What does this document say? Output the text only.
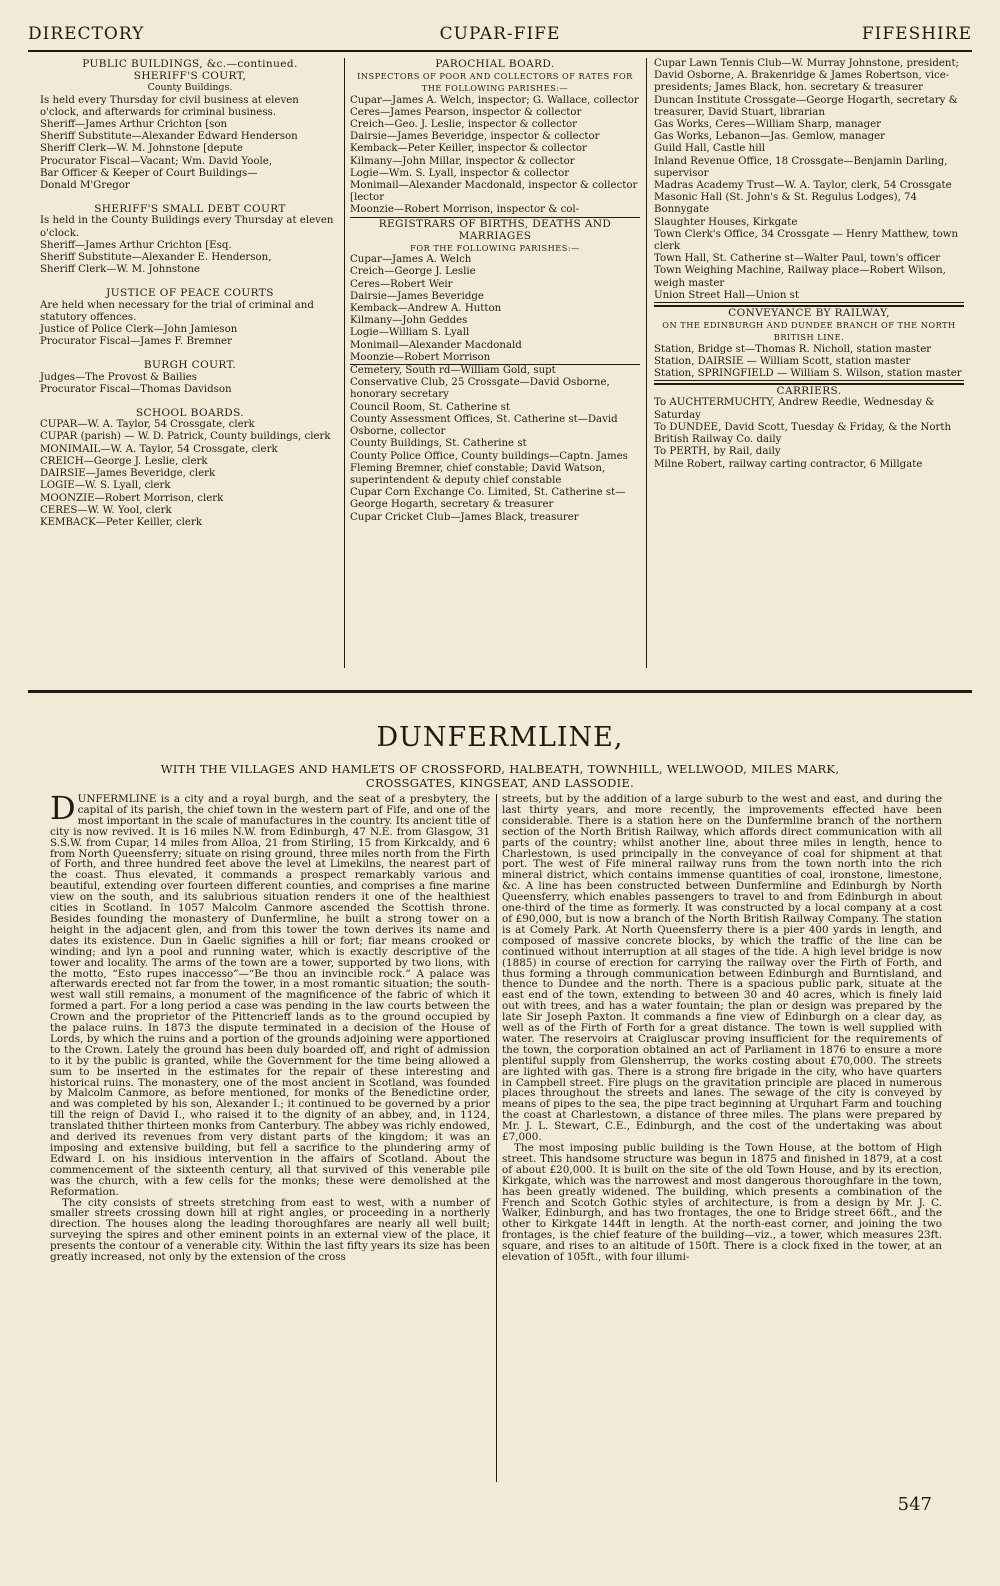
DIRECTORY	CUPAR-FIFE	FIFESHIRE

PUBLIC BUILDINGS, &c.—continued.

SHERIFF'S COURT,

County Buildings.

Is held every Thursday for civil business at eleven o'clock, and afterwards for criminal business.

Sheriff—James Arthur Crichton [son

Sheriff Substitute—Alexander Edward Henderson

Sheriff Clerk—W. M. Johnstone [depute

Procurator Fiscal—Vacant; Wm. David Yoole,

Bar Officer & Keeper of Court Buildings—

Donald M'Gregor

SHERIFF'S SMALL DEBT COURT

Is held in the County Buildings every Thursday at eleven o'clock.

Sheriff—James Arthur Crichton [Esq.

Sheriff Substitute—Alexander E. Henderson,

Sheriff Clerk—W. M. Johnstone

JUSTICE OF PEACE COURTS

Are held when necessary for the trial of criminal and statutory offences.

Justice of Police Clerk—John Jamieson

Procurator Fiscal—James F. Bremner

BURGH COURT.

Judges—The Provost & Bailies

Procurator Fiscal—Thomas Davidson

SCHOOL BOARDS.

CUPAR—W. A. Taylor, 54 Crossgate, clerk

CUPAR (parish) — W. D. Patrick, County buildings, clerk

MONIMAIL—W. A. Taylor, 54 Crossgate, clerk

CREICH—George J. Leslie, clerk

DAIRSIE—James Beveridge, clerk

LOGIE—W. S. Lyall, clerk

MOONZIE—Robert Morrison, clerk

CERES—W. W. Yool, clerk

KEMBACK—Peter Keiller, clerk

PAROCHIAL BOARD.

INSPECTORS OF POOR AND COLLECTORS OF RATES FOR THE FOLLOWING PARISHES:—

Cupar—James A. Welch, inspector; G. Wallace, collector

Ceres—James Pearson, inspector & collector

Creich—Geo. J. Leslie, inspector & collector

Dairsie—James Beveridge, inspector & collector

Kemback—Peter Keiller, inspector & collector

Kilmany—John Millar, inspector & collector

Logie—Wm. S. Lyall, inspector & collector

Monimail—Alexander Macdonald, inspector & collector [lector

Moonzie—Robert Morrison, inspector & col-

REGISTRARS OF BIRTHS, DEATHS AND MARRIAGES

FOR THE FOLLOWING PARISHES:—

Cupar—James A. Welch

Creich—George J. Leslie

Ceres—Robert Weir

Dairsie—James Beveridge

Kemback—Andrew A. Hutton

Kilmany—John Geddes

Logie—William S. Lyall

Monimail—Alexander Macdonald

Moonzie—Robert Morrison

Cemetery, South rd—William Gold, supt

Conservative Club, 25 Crossgate—David Osborne, honorary secretary

Council Room, St. Catherine st

County Assessment Offices, St. Catherine st—David Osborne, collector

County Buildings, St. Catherine st

County Police Office, County buildings—Captn. James Fleming Bremner, chief constable; David Watson, superintendent & deputy chief constable

Cupar Corn Exchange Co. Limited, St. Catherine st—George Hogarth, secretary & treasurer

Cupar Cricket Club—James Black, treasurer

Cupar Lawn Tennis Club—W. Murray Johnstone, president; David Osborne, A. Brakenridge & James Robertson, vice-presidents; James Black, hon. secretary & treasurer

Duncan Institute Crossgate—George Hogarth, secretary & treasurer, David Stuart, librarian

Gas Works, Ceres—William Sharp, manager

Gas Works, Lebanon—Jas. Gemlow, manager

Guild Hall, Castle hill

Inland Revenue Office, 18 Crossgate—Benjamin Darling, supervisor

Madras Academy Trust—W. A. Taylor, clerk, 54 Crossgate

Masonic Hall (St. John's & St. Regulus Lodges), 74 Bonnygate

Slaughter Houses, Kirkgate

Town Clerk's Office, 34 Crossgate — Henry Matthew, town clerk

Town Hall, St. Catherine st—Walter Paul, town's officer

Town Weighing Machine, Railway place—Robert Wilson, weigh master

Union Street Hall—Union st

CONVEYANCE BY RAILWAY,

ON THE EDINBURGH AND DUNDEE BRANCH OF THE NORTH BRITISH LINE.

Station, Bridge st—Thomas R. Nicholl, station master

Station, DAIRSIE — William Scott, station master

Station, SPRINGFIELD — William S. Wilson, station master

CARRIERS.

To AUCHTERMUCHTY, Andrew Reedie, Wednesday & Saturday

To DUNDEE, David Scott, Tuesday & Friday, & the North British Railway Co. daily

To PERTH, by Rail, daily

Milne Robert, railway carting contractor, 6 Millgate

DUNFERMLINE,
WITH THE VILLAGES AND HAMLETS OF CROSSFORD, HALBEATH, TOWNHILL, WELLWOOD, MILES MARK,
CROSSGATES, KINGSEAT, AND LASSODIE.
D UNFERMLINE is a city and a royal burgh, and the seat of a presbytery, the capital of its parish, the chief town in the western part of Fife, and one of the most important in the scale of manufactures in the country. Its ancient title of city is now revived. It is 16 miles N.W. from Edinburgh, 47 N.E. from Glasgow, 31 S.S.W. from Cupar, 14 miles from Alloa, 21 from Stirling, 15 from Kirkcaldy, and 6 from North Queensferry; situate on rising ground, three miles north from the Firth of Forth, and three hundred feet above the level at Limekilns, the nearest part of the coast. Thus elevated, it commands a prospect remarkably various and beautiful, extending over fourteen different counties, and comprises a fine marine view on the south, and its salubrious situation renders it one of the healthiest cities in Scotland. In 1057 Malcolm Canmore ascended the Scottish throne. Besides founding the monastery of Dunfermline, he built a strong tower on a height in the adjacent glen, and from this tower the town derives its name and dates its existence. Dun in Gaelic signifies a hill or fort; fiar means crooked or winding; and lyn a pool and running water, which is exactly descriptive of the tower and locality. The arms of the town are a tower, supported by two lions, with the motto, “Esto rupes inaccesso”—“Be thou an invincible rock.” A palace was afterwards erected not far from the tower, in a most romantic situation; the south-west wall still remains, a monument of the magnificence of the fabric of which it formed a part. For a long period a case was pending in the law courts between the Crown and the proprietor of the Pittencrieff lands as to the ground occupied by the palace ruins. In 1873 the dispute terminated in a decision of the House of Lords, by which the ruins and a portion of the grounds adjoining were apportioned to the Crown. Lately the ground has been duly boarded off, and right of admission to it by the public is granted, while the Government for the time being allowed a sum to be inserted in the estimates for the repair of these interesting and historical ruins. The monastery, one of the most ancient in Scotland, was founded by Malcolm Canmore, as before mentioned, for monks of the Benedictine order, and was completed by his son, Alexander I.; it continued to be governed by a prior till the reign of David I., who raised it to the dignity of an abbey, and, in 1124, translated thither thirteen monks from Canterbury. The abbey was richly endowed, and derived its revenues from very distant parts of the kingdom; it was an imposing and extensive building, but fell a sacrifice to the plundering army of Edward I. on his insidious intervention in the affairs of Scotland. About the commencement of the sixteenth century, all that survived of this venerable pile was the church, with a few cells for the monks; these were demolished at the Reformation.

The city consists of streets stretching from east to west, with a number of smaller streets crossing down hill at right angles, or proceeding in a northerly direction. The houses along the leading thoroughfares are nearly all well built; surveying the spires and other eminent points in an external view of the place, it presents the contour of a venerable city. Within the last fifty years its size has been greatly increased, not only by the extension of the cross

streets, but by the addition of a large suburb to the west and east, and during the last thirty years, and more recently, the improvements effected have been considerable. There is a station here on the Dunfermline branch of the northern section of the North British Railway, which affords direct communication with all parts of the country; whilst another line, about three miles in length, hence to Charlestown, is used principally in the conveyance of coal for shipment at that port. The west of Fife mineral railway runs from the town north into the rich mineral district, which contains immense quantities of coal, ironstone, limestone, &c. A line has been constructed between Dunfermline and Edinburgh by North Queensferry, which enables passengers to travel to and from Edinburgh in about one-third of the time as formerly. It was constructed by a local company at a cost of £90,000, but is now a branch of the North British Railway Company. The station is at Comely Park. At North Queensferry there is a pier 400 yards in length, and composed of massive concrete blocks, by which the traffic of the line can be continued without interruption at all stages of the tide. A high level bridge is now (1885) in course of erection for carrying the railway over the Firth of Forth, and thus forming a through communication between Edinburgh and Burntisland, and thence to Dundee and the north. There is a spacious public park, situate at the east end of the town, extending to between 30 and 40 acres, which is finely laid out with trees, and has a water fountain; the plan or design was prepared by the late Sir Joseph Paxton. It commands a fine view of Edinburgh on a clear day, as well as of the Firth of Forth for a great distance. The town is well supplied with water. The reservoirs at Craigluscar proving insufficient for the requirements of the town, the corporation obtained an act of Parliament in 1876 to ensure a more plentiful supply from Glensherrup, the works costing about £70,000. The streets are lighted with gas. There is a strong fire brigade in the city, who have quarters in Campbell street. Fire plugs on the gravitation principle are placed in numerous places throughout the streets and lanes. The sewage of the city is conveyed by means of pipes to the sea, the pipe tract beginning at Urquhart Farm and touching the coast at Charlestown, a distance of three miles. The plans were prepared by Mr. J. L. Stewart, C.E., Edinburgh, and the cost of the undertaking was about £7,000.

The most imposing public building is the Town House, at the bottom of High street. This handsome structure was begun in 1875 and finished in 1879, at a cost of about £20,000. It is built on the site of the old Town House, and by its erection, Kirkgate, which was the narrowest and most dangerous thoroughfare in the town, has been greatly widened. The building, which presents a combination of the French and Scotch Gothic styles of architecture, is from a design by Mr. J. C. Walker, Edinburgh, and has two frontages, the one to Bridge street 66ft., and the other to Kirkgate 144ft in length. At the north-east corner, and joining the two frontages, is the chief feature of the building—viz., a tower, which measures 23ft. square, and rises to an altitude of 150ft. There is a clock fixed in the tower, at an elevation of 105ft., with four illumi-

547
